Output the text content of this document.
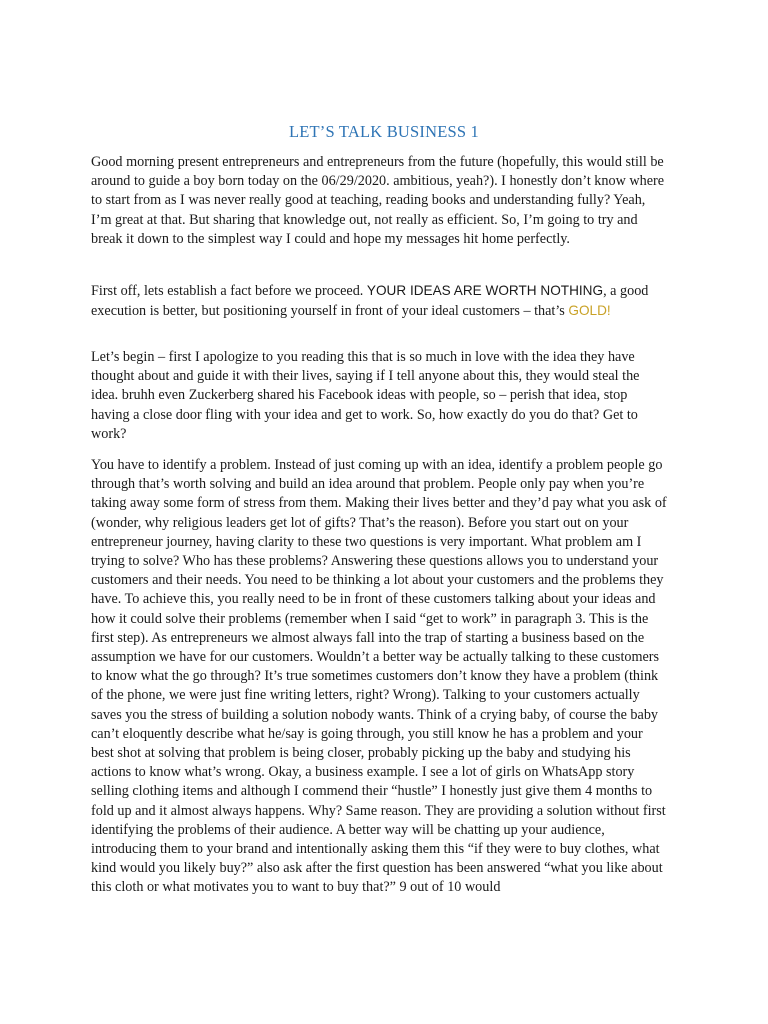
LET’S TALK BUSINESS 1

Good morning present entrepreneurs and entrepreneurs from the future (hopefully, this would still be around to guide a boy born today on the 06/29/2020. ambitious, yeah?). I honestly don’t know where to start from as I was never really good at teaching, reading books and understanding fully? Yeah, I’m great at that. But sharing that knowledge out, not really as efficient. So, I’m going to try and break it down to the simplest way I could and hope my messages hit home perfectly.

First off, lets establish a fact before we proceed. YOUR IDEAS ARE WORTH NOTHING, a good execution is better, but positioning yourself in front of your ideal customers – that’s GOLD!

Let’s begin – first I apologize to you reading this that is so much in love with the idea they have thought about and guide it with their lives, saying if I tell anyone about this, they would steal the idea. bruhh even Zuckerberg shared his Facebook ideas with people, so – perish that idea, stop having a close door fling with your idea and get to work. So, how exactly do you do that? Get to work?

You have to identify a problem. Instead of just coming up with an idea, identify a problem people go through that’s worth solving and build an idea around that problem. People only pay when you’re taking away some form of stress from them. Making their lives better and they’d pay what you ask of (wonder, why religious leaders get lot of gifts? That’s the reason). Before you start out on your entrepreneur journey, having clarity to these two questions is very important. What problem am I trying to solve? Who has these problems? Answering these questions allows you to understand your customers and their needs. You need to be thinking a lot about your customers and the problems they have. To achieve this, you really need to be in front of these customers talking about your ideas and how it could solve their problems (remember when I said “get to work” in paragraph 3. This is the first step). As entrepreneurs we almost always fall into the trap of starting a business based on the assumption we have for our customers. Wouldn’t a better way be actually talking to these customers to know what the go through? It’s true sometimes customers don’t know they have a problem (think of the phone, we were just fine writing letters, right? Wrong). Talking to your customers actually saves you the stress of building a solution nobody wants. Think of a crying baby, of course the baby can’t eloquently describe what he/say is going through, you still know he has a problem and your best shot at solving that problem is being closer, probably picking up the baby and studying his actions to know what’s wrong. Okay, a business example. I see a lot of girls on WhatsApp story selling clothing items and although I commend their “hustle” I honestly just give them 4 months to fold up and it almost always happens. Why? Same reason. They are providing a solution without first identifying the problems of their audience. A better way will be chatting up your audience, introducing them to your brand and intentionally asking them this “if they were to buy clothes, what kind would you likely buy?” also ask after the first question has been answered “what you like about this cloth or what motivates you to want to buy that?” 9 out of 10 would
